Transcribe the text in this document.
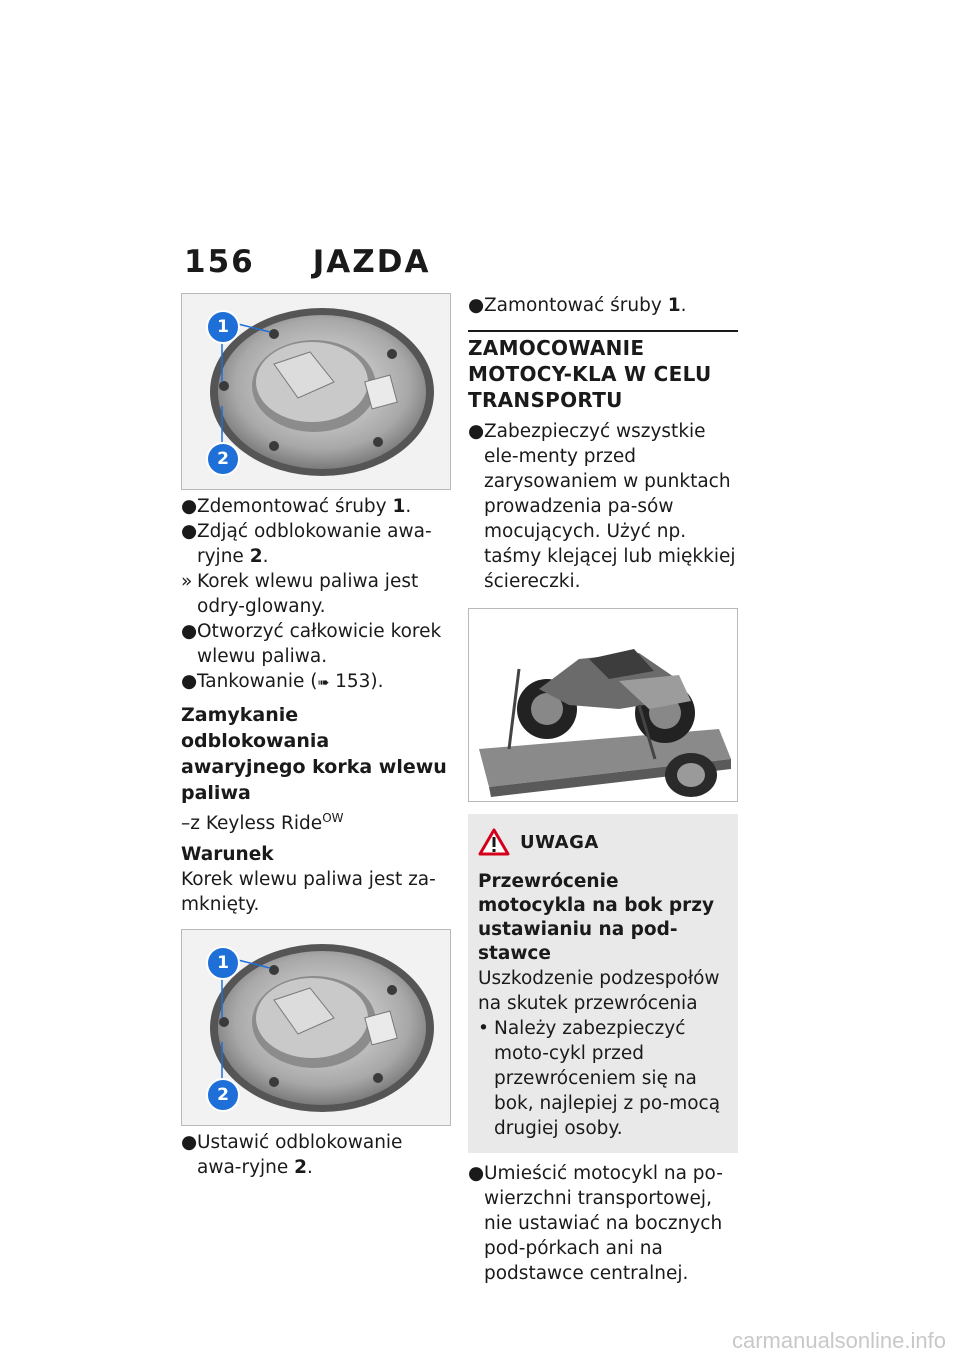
156 JAZDA
1
2
● Zdemontować śruby 1.
● Zdjąć odblokowanie awa-ryjne 2.
» Korek wlewu paliwa jest odry-glowany.
● Otworzyć całkowicie korek wlewu paliwa.
● Tankowanie (➠ 153).
Zamykanie odblokowania awaryjnego korka wlewu paliwa
–z Keyless Ride$^{OW}$
Warunek
Korek wlewu paliwa jest za-mknięty.
1
2
● Ustawić odblokowanie awa-ryjne 2.
● Zamontować śruby 1.
ZAMOCOWANIE MOTOCY-KLA W CELU TRANSPORTU
● Zabezpieczyć wszystkie ele-menty przed zarysowaniem w punktach prowadzenia pa-sów mocujących. Użyć np. taśmy klejącej lub miękkiej ściereczki.
UWAGA
Przewrócenie motocykla na bok przy ustawianiu na pod-stawce
Uszkodzenie podzespołów na skutek przewrócenia
• Należy zabezpieczyć moto-cykl przed przewróceniem się na bok, najlepiej z po-mocą drugiej osoby.
● Umieścić motocykl na po-wierzchni transportowej, nie ustawiać na bocznych pod-pórkach ani na podstawce centralnej.
carmanualsonline.info
